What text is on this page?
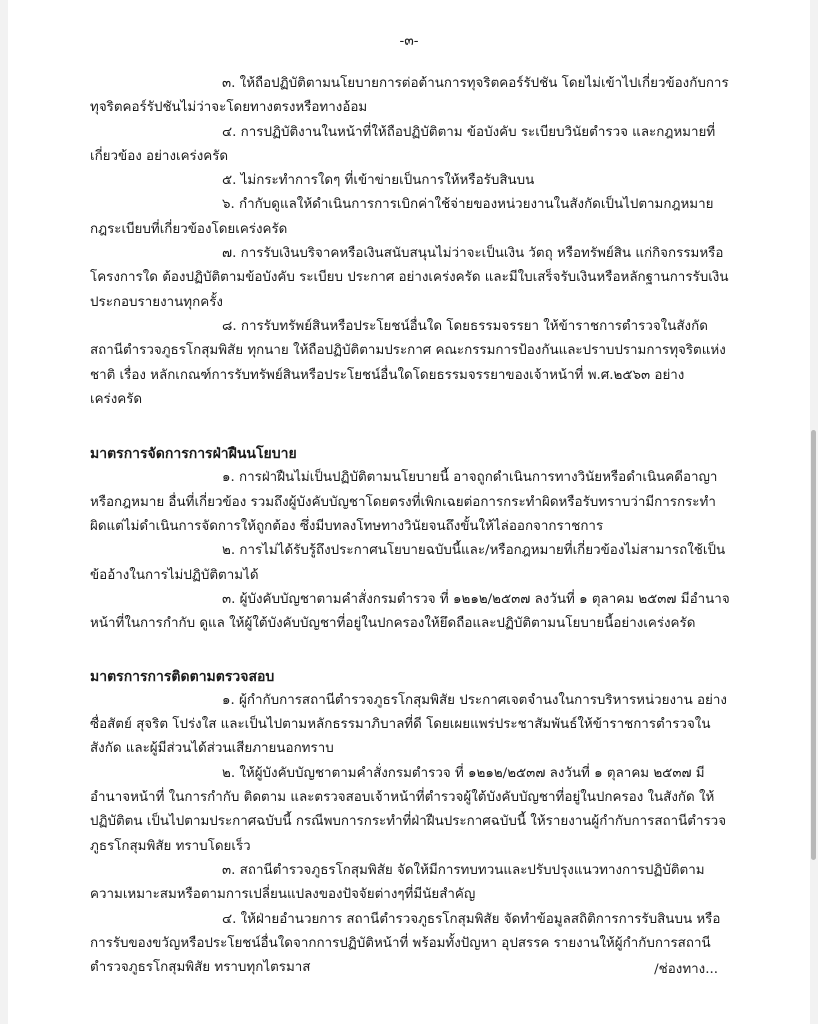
-๓-

๓. ให้ถือปฏิบัติตามนโยบายการต่อต้านการทุจริตคอร์รัปชัน โดยไม่เข้าไปเกี่ยวข้องกับการทุจริตคอร์รัปชันไม่ว่าจะโดยทางตรงหรือทางอ้อม

๔. การปฏิบัติงานในหน้าที่ให้ถือปฏิบัติตาม ข้อบังคับ ระเบียบวินัยตำรวจ และกฎหมายที่เกี่ยวข้อง อย่างเคร่งครัด

๕. ไม่กระทำการใดๆ ที่เข้าข่ายเป็นการให้หรือรับสินบน

๖. กำกับดูแลให้ดำเนินการการเบิกค่าใช้จ่ายของหน่วยงานในสังกัดเป็นไปตามกฎหมาย กฎระเบียบที่เกี่ยวข้องโดยเคร่งครัด

๗. การรับเงินบริจาคหรือเงินสนับสนุนไม่ว่าจะเป็นเงิน วัตถุ หรือทรัพย์สิน แก่กิจกรรมหรือโครงการใด ต้องปฏิบัติตามข้อบังคับ ระเบียบ ประกาศ อย่างเคร่งครัด และมีใบเสร็จรับเงินหรือหลักฐานการรับเงินประกอบรายงานทุกครั้ง

๘. การรับทรัพย์สินหรือประโยชน์อื่นใด โดยธรรมจรรยา ให้ข้าราชการตำรวจในสังกัดสถานีตำรวจภูธรโกสุมพิสัย ทุกนาย ให้ถือปฏิบัติตามประกาศ คณะกรรมการป้องกันและปราบปรามการทุจริตแห่งชาติ เรื่อง หลักเกณฑ์การรับทรัพย์สินหรือประโยชน์อื่นใดโดยธรรมจรรยาของเจ้าหน้าที่ พ.ศ.๒๕๖๓ อย่างเคร่งครัด

มาตรการจัดการการฝ่าฝืนนโยบาย

๑. การฝ่าฝืนไม่เป็นปฏิบัติตามนโยบายนี้ อาจถูกดำเนินการทางวินัยหรือดำเนินคดีอาญาหรือกฎหมาย อื่นที่เกี่ยวข้อง รวมถึงผู้บังคับบัญชาโดยตรงที่เพิกเฉยต่อการกระทำผิดหรือรับทราบว่ามีการกระทำผิดแต่ไม่ดำเนินการจัดการให้ถูกต้อง ซึ่งมีบทลงโทษทางวินัยจนถึงขั้นให้ไล่ออกจากราชการ

๒. การไม่ได้รับรู้ถึงประกาศนโยบายฉบับนี้และ/หรือกฎหมายที่เกี่ยวข้องไม่สามารถใช้เป็นข้ออ้างในการไม่ปฏิบัติตามได้

๓. ผู้บังคับบัญชาตามคำสั่งกรมตำรวจ ที่ ๑๒๑๒/๒๕๓๗ ลงวันที่ ๑ ตุลาคม ๒๕๓๗ มีอำนาจหน้าที่ในการกำกับ ดูแล ให้ผู้ใต้บังคับบัญชาที่อยู่ในปกครองให้ยึดถือและปฏิบัติตามนโยบายนี้อย่างเคร่งครัด

มาตรการการติดตามตรวจสอบ

๑. ผู้กำกับการสถานีตำรวจภูธรโกสุมพิสัย ประกาศเจตจำนงในการบริหารหน่วยงาน อย่างซื่อสัตย์ สุจริต โปร่งใส และเป็นไปตามหลักธรรมาภิบาลที่ดี โดยเผยแพร่ประชาสัมพันธ์ให้ข้าราชการตำรวจในสังกัด และผู้มีส่วนได้ส่วนเสียภายนอกทราบ

๒. ให้ผู้บังคับบัญชาตามคำสั่งกรมตำรวจ ที่ ๑๒๑๒/๒๕๓๗ ลงวันที่ ๑ ตุลาคม ๒๕๓๗ มีอำนาจหน้าที่ ในการกำกับ ติดตาม และตรวจสอบเจ้าหน้าที่ตำรวจผู้ใต้บังคับบัญชาที่อยู่ในปกครอง ในสังกัด ให้ปฏิบัติตน เป็นไปตามประกาศฉบับนี้ กรณีพบการกระทำที่ฝ่าฝืนประกาศฉบับนี้ ให้รายงานผู้กำกับการสถานีตำรวจภูธรโกสุมพิสัย ทราบโดยเร็ว

๓. สถานีตำรวจภูธรโกสุมพิสัย จัดให้มีการทบทวนและปรับปรุงแนวทางการปฏิบัติตามความเหมาะสมหรือตามการเปลี่ยนแปลงของปัจจัยต่างๆที่มีนัยสำคัญ

๔. ให้ฝ่ายอำนวยการ สถานีตำรวจภูธรโกสุมพิสัย จัดทำข้อมูลสถิติการการรับสินบน หรือการรับของขวัญหรือประโยชน์อื่นใดจากการปฏิบัติหน้าที่ พร้อมทั้งปัญหา อุปสรรค รายงานให้ผู้กำกับการสถานีตำรวจภูธรโกสุมพิสัย ทราบทุกไตรมาส	/ช่องทาง...
